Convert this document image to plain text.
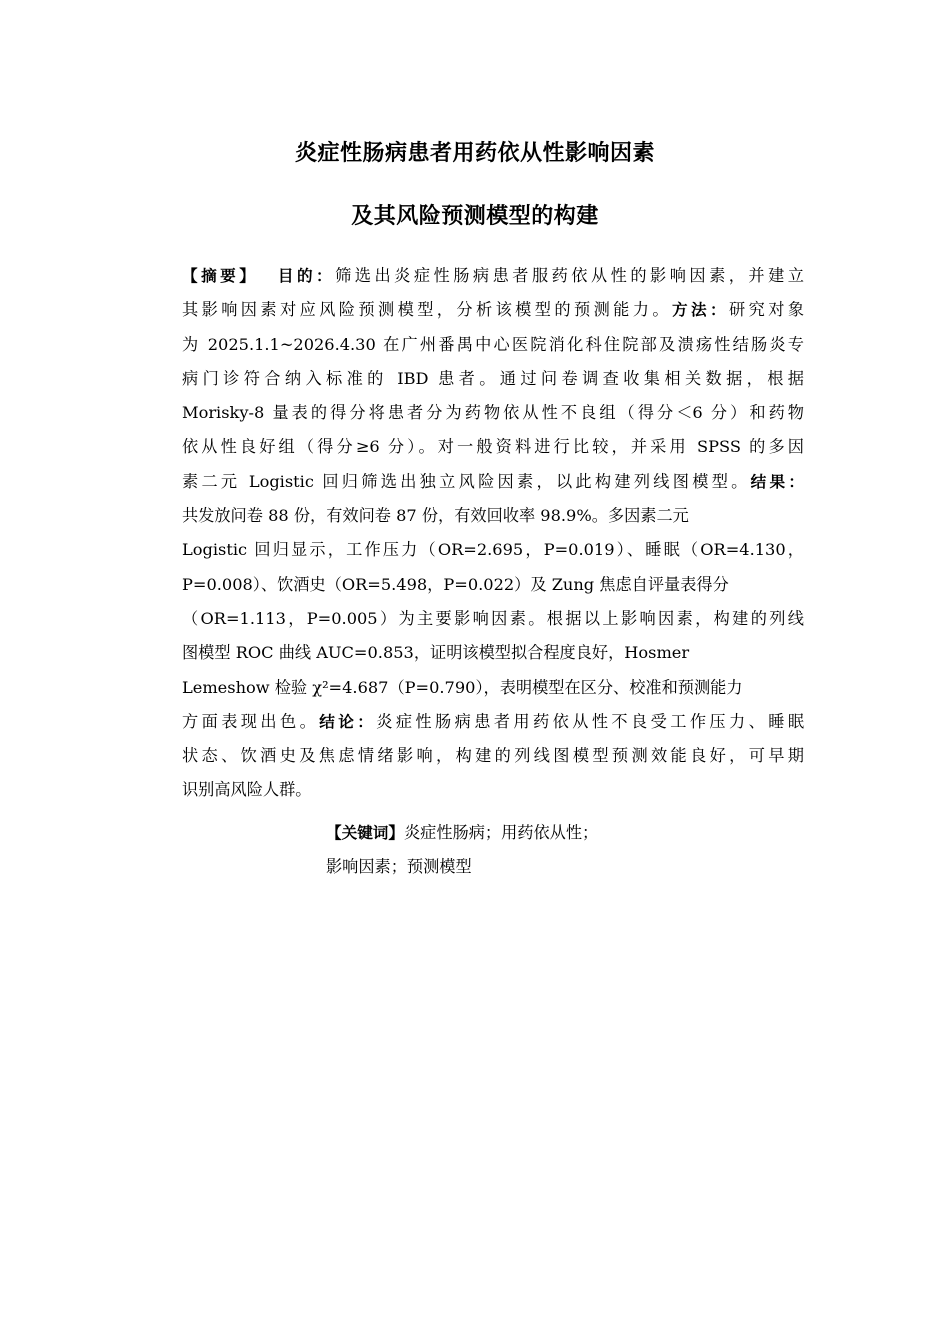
炎症性肠病患者用药依从性影响因素
及其风险预测模型的构建
【摘要】 目的：筛选出炎症性肠病患者服药依从性的影响因素，并建立
其影响因素对应风险预测模型，分析该模型的预测能力。方法：研究对象
为 2025.1.1~2026.4.30 在广州番禺中心医院消化科住院部及溃疡性结肠炎专
病门诊符合纳入标准的 IBD 患者。通过问卷调查收集相关数据，根据
Morisky-8 量表的得分将患者分为药物依从性不良组（得分＜6 分）和药物
依从性良好组（得分≥6 分）。对一般资料进行比较，并采用 SPSS 的多因
素二元 Logistic 回归筛选出独立风险因素，以此构建列线图模型。结果：
共发放问卷 88 份，有效问卷 87 份，有效回收率 98.9%。多因素二元
Logistic 回归显示，工作压力（OR=2.695，P=0.019）、睡眠（OR=4.130，
P=0.008）、饮酒史（OR=5.498，P=0.022）及 Zung 焦虑自评量表得分
（OR=1.113，P=0.005）为主要影响因素。根据以上影响因素，构建的列线
图模型 ROC 曲线 AUC=0.853，证明该模型拟合程度良好，Hosmer
Lemeshow 检验 χ²=4.687（P=0.790），表明模型在区分、校准和预测能力
方面表现出色。结论：炎症性肠病患者用药依从性不良受工作压力、睡眠
状态、饮酒史及焦虑情绪影响，构建的列线图模型预测效能良好，可早期
识别高风险人群。
【关键词】炎症性肠病；用药依从性；
影响因素；预测模型
